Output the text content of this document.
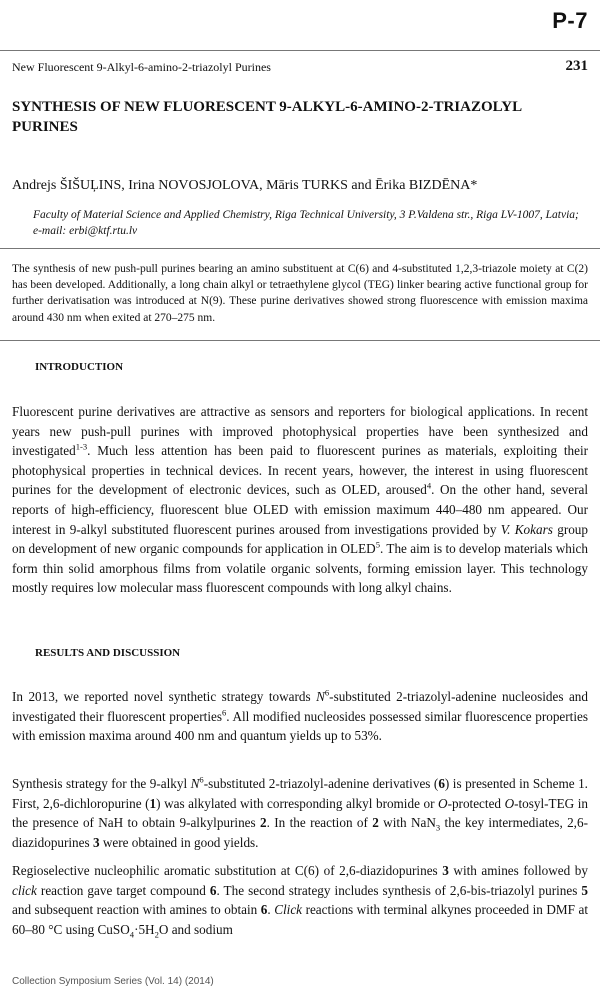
P-7
New Fluorescent 9-Alkyl-6-amino-2-triazolyl Purines	231
SYNTHESIS OF NEW FLUORESCENT 9-ALKYL-6-AMINO-2-TRIAZOLYL PURINES
Andrejs ŠIŠUĻINS, Irina NOVOSJOLOVA, Māris TURKS and Ērika BIZDĒNA*
Faculty of Material Science and Applied Chemistry, Riga Technical University, 3 P.Valdena str., Riga LV-1007, Latvia; e-mail: erbi@ktf.rtu.lv
The synthesis of new push-pull purines bearing an amino substituent at C(6) and 4-substituted 1,2,3-triazole moiety at C(2) has been developed. Additionally, a long chain alkyl or tetraethylene glycol (TEG) linker bearing active functional group for further derivatisation was introduced at N(9). These purine derivatives showed strong fluorescence with emission maxima around 430 nm when exited at 270–275 nm.
INTRODUCTION

Fluorescent purine derivatives are attractive as sensors and reporters for biological applications. In recent years new push-pull purines with improved photophysical properties have been synthesized and investigated$^{1-3}$. Much less attention has been paid to fluorescent purines as materials, exploiting their photophysical properties in technical devices. In recent years, however, the interest in using fluorescent purines for the development of electronic devices, such as OLED, aroused$^4$. On the other hand, several reports of high-efficiency, fluorescent blue OLED with emission maximum 440–480 nm appeared. Our interest in 9-alkyl substituted fluorescent purines aroused from investigations provided by V. Kokars group on development of new organic compounds for application in OLED$^5$. The aim is to develop materials which form thin solid amorphous films from volatile organic solvents, forming emission layer. This technology mostly requires low molecular mass fluorescent compounds with long alkyl chains.

RESULTS AND DISCUSSION

In 2013, we reported novel synthetic strategy towards $N^6$-substituted 2-triazolyl-adenine nucleosides and investigated their fluorescent properties$^6$. All modified nucleosides possessed similar fluorescence properties with emission maxima around 400 nm and quantum yields up to 53%.

Synthesis strategy for the 9-alkyl $N^6$-substituted 2-triazolyl-adenine derivatives (6) is presented in Scheme 1. First, 2,6-dichloropurine (1) was alkylated with corresponding alkyl bromide or O-protected O-tosyl-TEG in the presence of NaH to obtain 9-alkylpurines 2. In the reaction of 2 with NaN$_3$ the key intermediates, 2,6-diazidopurines 3 were obtained in good yields.

Regioselective nucleophilic aromatic substitution at C(6) of 2,6-diazidopurines 3 with amines followed by click reaction gave target compound 6. The second strategy includes synthesis of 2,6-bis-triazolyl purines 5 and subsequent reaction with amines to obtain 6. Click reactions with terminal alkynes proceeded in DMF at 60–80 °C using $CuSO_4\cdot 5H_2O$ and sodium

Collection Symposium Series (Vol. 14) (2014)
